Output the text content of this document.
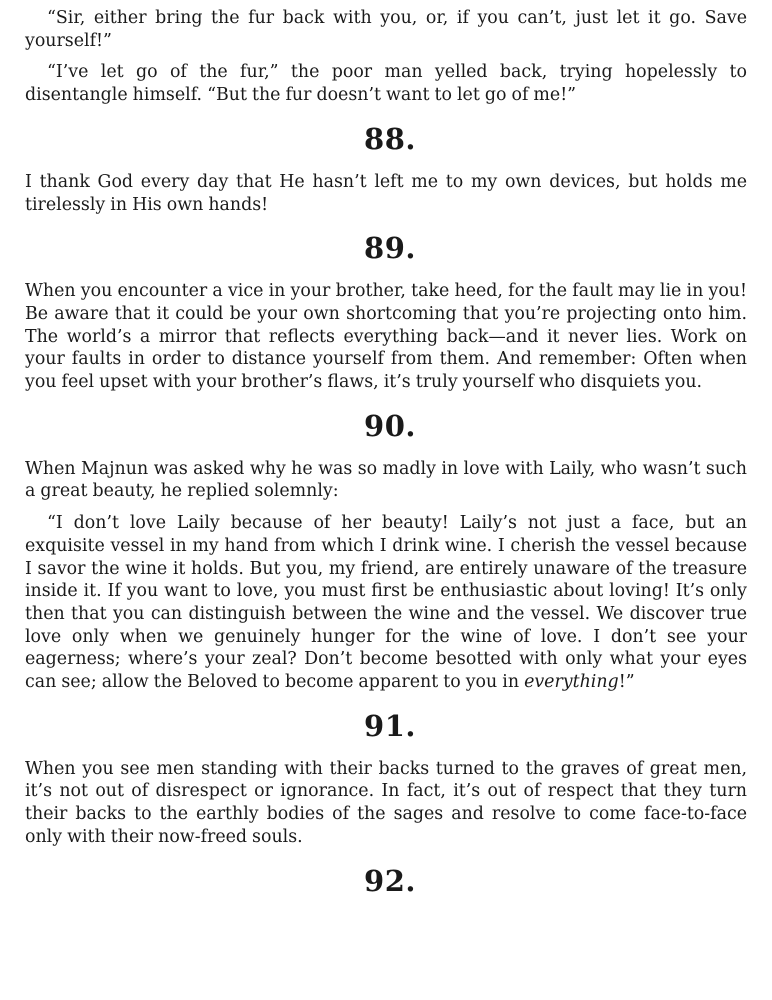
“Sir, either bring the fur back with you, or, if you can’t, just let it go. Save yourself!”

“I’ve let go of the fur,” the poor man yelled back, trying hopelessly to disentangle himself. “But the fur doesn’t want to let go of me!”

88.

I thank God every day that He hasn’t left me to my own devices, but holds me tirelessly in His own hands!

89.

When you encounter a vice in your brother, take heed, for the fault may lie in you! Be aware that it could be your own shortcoming that you’re projecting onto him. The world’s a mirror that reflects everything back—and it never lies. Work on your faults in order to distance yourself from them. And remember: Often when you feel upset with your brother’s flaws, it’s truly yourself who disquiets you.

90.

When Majnun was asked why he was so madly in love with Laily, who wasn’t such a great beauty, he replied solemnly:

“I don’t love Laily because of her beauty! Laily’s not just a face, but an exquisite vessel in my hand from which I drink wine. I cherish the vessel because I savor the wine it holds. But you, my friend, are entirely unaware of the treasure inside it. If you want to love, you must first be enthusiastic about loving! It’s only then that you can distinguish between the wine and the vessel. We discover true love only when we genuinely hunger for the wine of love. I don’t see your eagerness; where’s your zeal? Don’t become besotted with only what your eyes can see; allow the Beloved to become apparent to you in everything!”

91.

When you see men standing with their backs turned to the graves of great men, it’s not out of disrespect or ignorance. In fact, it’s out of respect that they turn their backs to the earthly bodies of the sages and resolve to come face-to-face only with their now-freed souls.

92.
